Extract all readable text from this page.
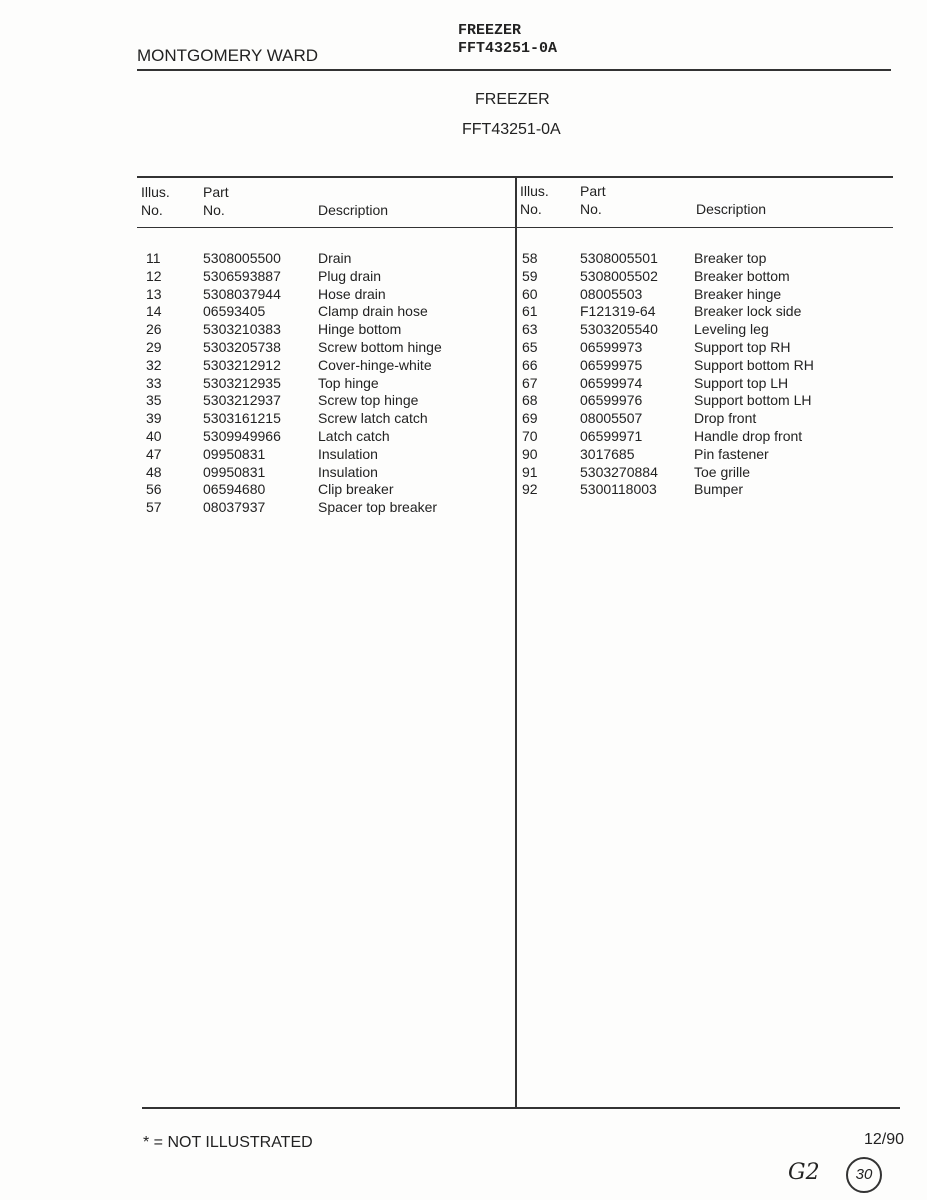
MONTGOMERY WARD
FREEZER
FFT43251-0A
FREEZER
FFT43251-0A
Illus.
No.
Part
No.	Description
Illus.
No.
Part
No.	Description
11	5308005500	Drain
12	5306593887	Plug drain
13	5308037944	Hose drain
14	06593405	Clamp drain hose
26	5303210383	Hinge bottom
29	5303205738	Screw bottom hinge
32	5303212912	Cover-hinge-white
33	5303212935	Top hinge
35	5303212937	Screw top hinge
39	5303161215	Screw latch catch
40	5309949966	Latch catch
47	09950831	Insulation
48	09950831	Insulation
56	06594680	Clip breaker
57	08037937	Spacer top breaker
58	5308005501	Breaker top
59	5308005502	Breaker bottom
60	08005503	Breaker hinge
61	F121319-64	Breaker lock side
63	5303205540	Leveling leg
65	06599973	Support top RH
66	06599975	Support bottom RH
67	06599974	Support top LH
68	06599976	Support bottom LH
69	08005507	Drop front
70	06599971	Handle drop front
90	3017685	Pin fastener
91	5303270884	Toe grille
92	5300118003	Bumper
* = NOT ILLUSTRATED	12/90
G2	30
